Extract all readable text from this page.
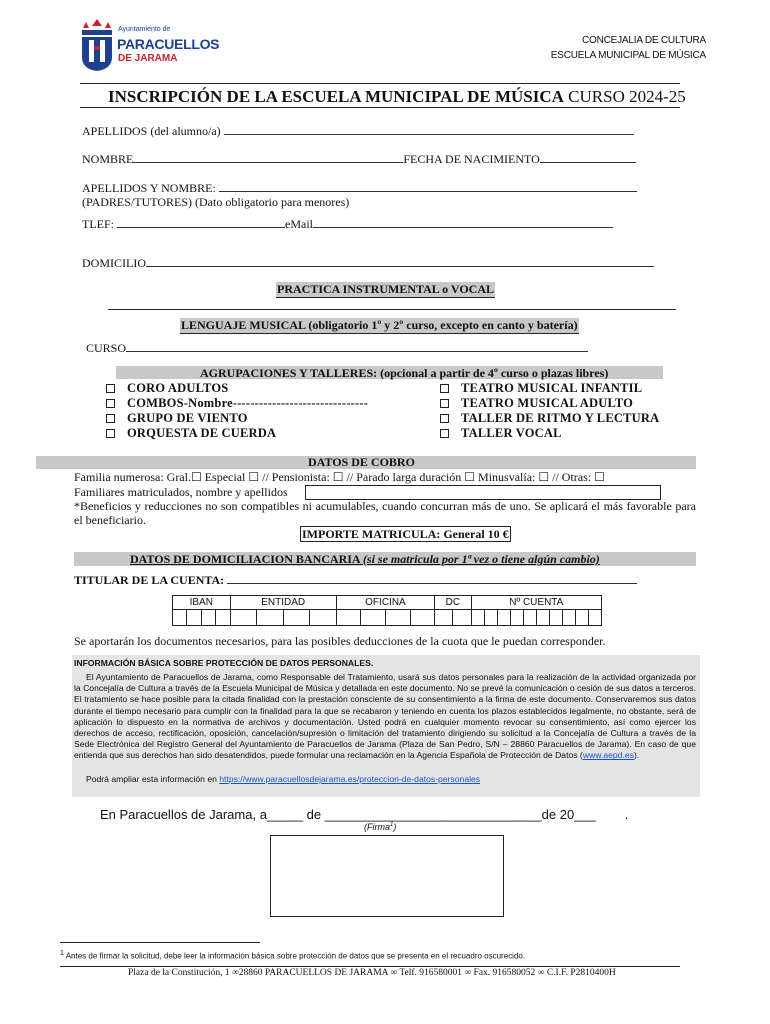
Ayuntamiento de
PARACUELLOS
DE JARAMA
CONCEJALIA DE CULTURA
ESCUELA MUNICIPAL DE MÚSICA
INSCRIPCIÓN DE LA ESCUELA MUNICIPAL DE MÚSICA CURSO 2024-25
APELLIDOS (del alumno/a)
NOMBRE	FECHA DE NACIMIENTO
APELLIDOS Y NOMBRE:
(PADRES/TUTORES) (Dato obligatorio para menores)
TLEF:	eMail
DOMICILIO
PRACTICA INSTRUMENTAL o VOCAL
LENGUAJE MUSICAL (obligatorio 1º y 2º curso, excepto en canto y batería)
CURSO
AGRUPACIONES Y TALLERES: (opcional a partir de 4º curso o plazas libres)
CORO ADULTOS
COMBOS-Nombre-------------------------------
GRUPO DE VIENTO
ORQUESTA DE CUERDA
TEATRO MUSICAL INFANTIL
TEATRO MUSICAL ADULTO
TALLER DE RITMO Y LECTURA
TALLER VOCAL
DATOS DE COBRO
Familia numerosa: Gral.☐ Especial ☐ // Pensionista: ☐ // Parado larga duración ☐ Minusvalía: ☐ // Otras: ☐
Familiares matriculados, nombre y apellidos
*Beneficios y reducciones no son compatibles ni acumulables, cuando concurran más de uno. Se aplicará el más favorable para el beneficiario.
IMPORTE MATRICULA: General 10 €
DATOS DE DOMICILIACION BANCARIA (si se matricula por 1ª vez o tiene algún cambio)
TITULAR DE LA CUENTA:
IBAN				ENTIDAD				OFICINA				DC		Nº CUENTA									

Se aportarán los documentos necesarios, para las posibles deducciones de la cuota que le puedan corresponder.
INFORMACIÓN BÁSICA SOBRE PROTECCIÓN DE DATOS PERSONALES.
El Ayuntamiento de Paracuellos de Jarama, como Responsable del Tratamiento, usará sus datos personales para la realización de la actividad organizada por la Concejalía de Cultura a través de la Escuela Municipal de Música y detallada en este documento. No se prevé la comunicación o cesión de sus datos a terceros. El tratamiento se hace posible para la citada finalidad con la prestación consciente de su consentimiento a la firma de este documento. Conservaremos sus datos durante el tiempo necesario para cumplir con la finalidad para la que se recabaron y teniendo en cuenta los plazos establecidos legalmente, no obstante, será de aplicación lo dispuesto en la normativa de archivos y documentación. Usted podrá en cualquier momento revocar su consentimiento, así como ejercer los derechos de acceso, rectificación, oposición, cancelación/supresión o limitación del tratamiento dirigiendo su solicitud a la Concejalía de Cultura a través de la Sede Electrónica del Registro General del Ayuntamiento de Paracuellos de Jarama (Plaza de San Pedro, S/N – 28860 Paracuellos de Jarama). En caso de que entienda que sus derechos han sido desatendidos, puede formular una reclamación en la Agencia Española de Protección de Datos (www.aepd.es).
Podrá ampliar esta información en https://www.paracuellosdejarama.es/proteccion-de-datos-personales
En Paracuellos de Jarama, a_____ de ______________________________de 20___        .
(Firma$^1$)
$^1$ Antes de firmar la solicitud, debe leer la información básica sobre protección de datos que se presenta en el recuadro oscurecido.
Plaza de la Constitución, 1 ∞28860 PARACUELLOS DE JARAMA ∞ Telf. 916580001 ∞ Fax. 916580052 ∞ C.I.F. P2810400H
